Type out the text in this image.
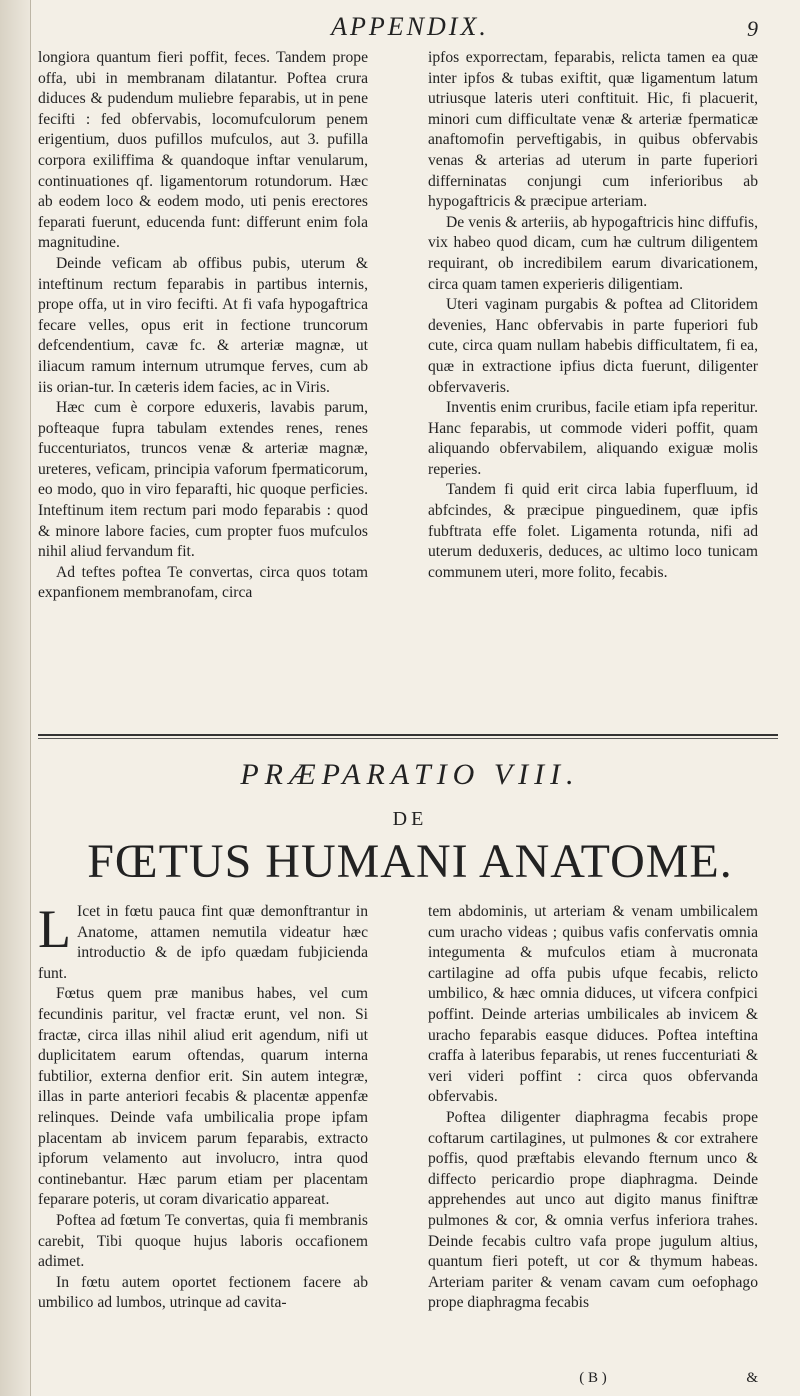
APPENDIX.	9

longiora quantum fieri poffit, feces. Tandem prope offa, ubi in membranam dilatantur. Poftea crura diduces & pudendum muliebre feparabis, ut in pene fecifti : fed obfervabis, locomufculorum penem erigentium, duos pufillos mufculos, aut 3. pufilla corpora exiliffima & quandoque inftar venularum, continuationes qf. ligamentorum rotundorum. Hæc ab eodem loco & eodem modo, uti penis erectores feparati fuerunt, educenda funt: differunt enim fola magnitudine.

Deinde veficam ab offibus pubis, uterum & inteftinum rectum feparabis in partibus internis, prope offa, ut in viro fecifti. At fi vafa hypogaftrica fecare velles, opus erit in fectione truncorum defcendentium, cavæ fc. & arteriæ magnæ, ut iliacum ramum internum utrumque ferves, cum ab iis orian-tur. In cæteris idem facies, ac in Viris.

Hæc cum è corpore eduxeris, lavabis parum, pofteaque fupra tabulam extendes renes, renes fuccenturiatos, truncos venæ & arteriæ magnæ, ureteres, veficam, principia vaforum fpermaticorum, eo modo, quo in viro feparafti, hic quoque perficies. Inteftinum item rectum pari modo feparabis : quod & minore labore facies, cum propter fuos mufculos nihil aliud fervandum fit.

Ad teftes poftea Te convertas, circa quos totam expanfionem membranofam, circa

ipfos exporrectam, feparabis, relicta tamen ea quæ inter ipfos & tubas exiftit, quæ ligamentum latum utriusque lateris uteri conftituit. Hic, fi placuerit, minori cum difficultate venæ & arteriæ fpermaticæ anaftomofin perveftigabis, in quibus obfervabis venas & arterias ad uterum in parte fuperiori differninatas conjungi cum inferioribus ab hypogaftricis & præcipue arteriam.

De venis & arteriis, ab hypogaftricis hinc diffufis, vix habeo quod dicam, cum hæ cultrum diligentem requirant, ob incredibilem earum divaricationem, circa quam tamen experieris diligentiam.

Uteri vaginam purgabis & poftea ad Clitoridem devenies, Hanc obfervabis in parte fuperiori fub cute, circa quam nullam habebis difficultatem, fi ea, quæ in extractione ipfius dicta fuerunt, diligenter obfervaveris.

Inventis enim cruribus, facile etiam ipfa reperitur. Hanc feparabis, ut commode videri poffit, quam aliquando obfervabilem, aliquando exiguæ molis reperies.

Tandem fi quid erit circa labia fuperfluum, id abfcindes, & præcipue pinguedinem, quæ ipfis fubftrata effe folet. Ligamenta rotunda, nifi ad uterum deduxeris, deduces, ac ultimo loco tunicam communem uteri, more folito, fecabis.

PRÆPARATIO VIII.
DE
FŒTUS HUMANI ANATOME.

L Icet in fœtu pauca fint quæ demonftrantur in Anatome, attamen nemutila videatur hæc introductio & de ipfo quædam fubjicienda funt.

Fœtus quem præ manibus habes, vel cum fecundinis paritur, vel fractæ erunt, vel non. Si fractæ, circa illas nihil aliud erit agendum, nifi ut duplicitatem earum oftendas, quarum interna fubtilior, externa denfior erit. Sin autem integræ, illas in parte anteriori fecabis & placentæ appenfæ relinques. Deinde vafa umbilicalia prope ipfam placentam ab invicem parum feparabis, extracto ipforum velamento aut involucro, intra quod continebantur. Hæc parum etiam per placentam feparare poteris, ut coram divaricatio appareat.

Poftea ad fœtum Te convertas, quia fi membranis carebit, Tibi quoque hujus laboris occafionem adimet.

In fœtu autem oportet fectionem facere ab umbilico ad lumbos, utrinque ad cavita-

tem abdominis, ut arteriam & venam umbilicalem cum uracho videas ; quibus vafis confervatis omnia integumenta & mufculos etiam à mucronata cartilagine ad offa pubis ufque fecabis, relicto umbilico, & hæc omnia diduces, ut vifcera confpici poffint. Deinde arterias umbilicales ab invicem & uracho feparabis easque diduces. Poftea inteftina craffa à lateribus feparabis, ut renes fuccenturiati & veri videri poffint : circa quos obfervanda obfervabis.

Poftea diligenter diaphragma fecabis prope coftarum cartilagines, ut pulmones & cor extrahere poffis, quod præftabis elevando fternum unco & diffecto pericardio prope diaphragma. Deinde apprehendes aut unco aut digito manus finiftræ pulmones & cor, & omnia verfus inferiora trahes. Deinde fecabis cultro vafa prope jugulum altius, quantum fieri poteft, ut cor & thymum habeas. Arteriam pariter & venam cavam cum oefophago prope diaphragma fecabis

( B )	&
